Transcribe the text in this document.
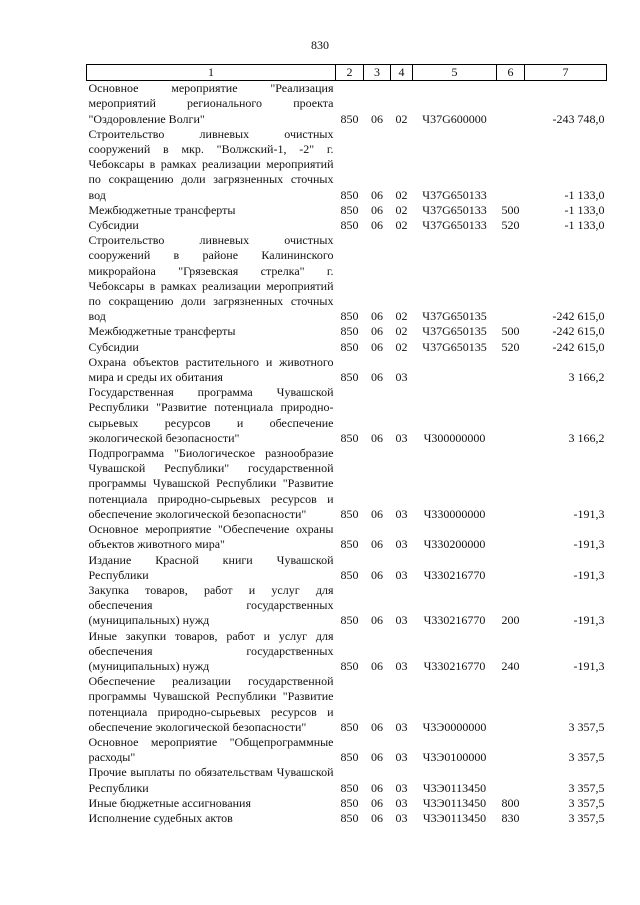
830
1	2	3	4	5	6	7
Основное мероприятие "Реализация мероприятий регионального проекта "Оздоровление Волги"	850	06	02	Ч37G600000		-243 748,0
Строительство ливневых очистных сооружений в мкр. "Волжский-1, -2" г. Чебоксары в рамках реализации мероприятий по сокращению доли загрязненных сточных вод	850	06	02	Ч37G650133		-1 133,0
Межбюджетные трансферты	850	06	02	Ч37G650133	500	-1 133,0
Субсидии	850	06	02	Ч37G650133	520	-1 133,0
Строительство ливневых очистных сооружений в районе Калининского микрорайона "Грязевская стрелка" г. Чебоксары в рамках реализации мероприятий по сокращению доли загрязненных сточных вод	850	06	02	Ч37G650135		-242 615,0
Межбюджетные трансферты	850	06	02	Ч37G650135	500	-242 615,0
Субсидии	850	06	02	Ч37G650135	520	-242 615,0
Охрана объектов растительного и животного мира и среды их обитания	850	06	03			3 166,2
Государственная программа Чувашской Республики "Развитие потенциала природно-сырьевых ресурсов и обеспечение экологической безопасности"	850	06	03	Ч300000000		3 166,2
Подпрограмма "Биологическое разнообразие Чувашской Республики" государственной программы Чувашской Республики "Развитие потенциала природно-сырьевых ресурсов и обеспечение экологической безопасности"	850	06	03	Ч330000000		-191,3
Основное мероприятие "Обеспечение охраны объектов животного мира"	850	06	03	Ч330200000		-191,3
Издание Красной книги Чувашской Республики	850	06	03	Ч330216770		-191,3
Закупка товаров, работ и услуг для обеспечения государственных (муниципальных) нужд	850	06	03	Ч330216770	200	-191,3
Иные закупки товаров, работ и услуг для обеспечения государственных (муниципальных) нужд	850	06	03	Ч330216770	240	-191,3
Обеспечение реализации государственной программы Чувашской Республики "Развитие потенциала природно-сырьевых ресурсов и обеспечение экологической безопасности"	850	06	03	Ч3Э0000000		3 357,5
Основное мероприятие "Общепрограммные расходы"	850	06	03	Ч3Э0100000		3 357,5
Прочие выплаты по обязательствам Чувашской Республики	850	06	03	Ч3Э0113450		3 357,5
Иные бюджетные ассигнования	850	06	03	Ч3Э0113450	800	3 357,5
Исполнение судебных актов	850	06	03	Ч3Э0113450	830	3 357,5
